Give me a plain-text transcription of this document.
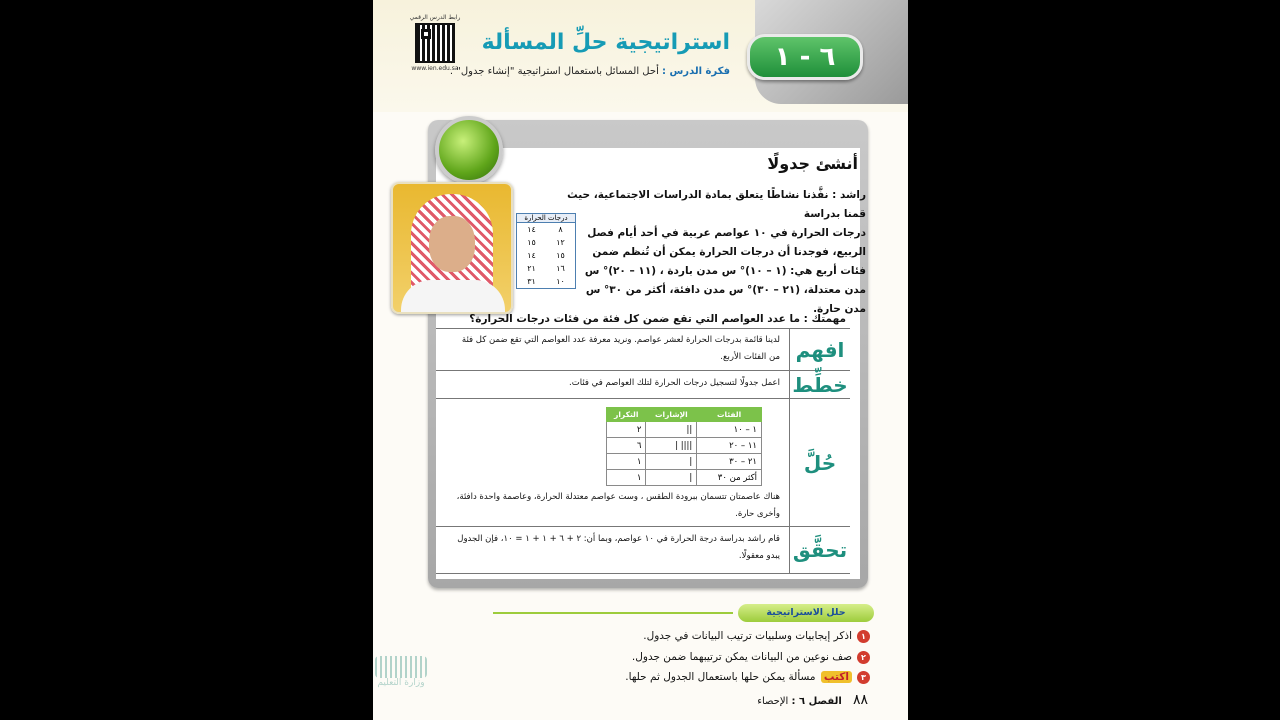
رابط الدرس الرقمي
www.ien.edu.sa	٦ - ١
استراتيجية حلِّ المسألة
فكرة الدرس : أحل المسائل باستعمال استراتيجية "إنشاء جدول" .
أنشئ جدولًا

راشد : نفَّذنا نشاطًا يتعلق بمادة الدراسات الاجتماعية، حيث قمنا بدراسة

درجات الحرارة في ١٠ عواصم عربية في أحد أيام فصل

الربيع، فوجدنا أن درجات الحرارة يمكن أن تُنظم ضمن

فئات أربع هي: (١ – ١٠)° س مدن باردة ، (١١ – ٢٠)° س

مدن معتدلة، (٢١ – ٣٠)° س مدن دافئة، أكثر من ٣٠° س

مدن حارة.

درجات الحرارة
١٤	٨
١٥	١٢
١٤	١٥
٢١	١٦
٣١	١٠
مهمتك : ما عدد العواصم التي تقع ضمن كل فئة من فئات درجات الحرارة؟
افهم
لدينا قائمة بدرجات الحرارة لعشر عواصم. ونريد معرفة عدد العواصم التي تقع ضمن كل فئة من الفئات الأربع.
خطِّط
اعمل جدولًا لتسجيل درجات الحرارة لتلك العواصم في فئات.
حُلَّ
الفئات	الإشارات	التكرار
١ – ١٠	||	٢
١١ – ٢٠	|||| |	٦
٢١ – ٣٠	|	١
أكثر من ٣٠	|	١
هناك عاصمتان تتسمان ببرودة الطقس ، وست عواصم معتدلة الحرارة، وعاصمة واحدة دافئة، وأخرى حارة.
تحقَّق
قام راشد بدراسة درجة الحرارة في ١٠ عواصم، وبما أن: ٢ + ٦ + ١ + ١ = ١٠، فإن الجدول يبدو معقولًا.
حلل الاستراتيجية
١اذكر إيجابيات وسلبيات ترتيب البيانات في جدول.
٢صف نوعين من البيانات يمكن ترتيبهما ضمن جدول.
٣اكتب مسألة يمكن حلها باستعمال الجدول ثم حلها.
وزارة التعليم
٨٨ الفصل ٦ : الإحصاء
